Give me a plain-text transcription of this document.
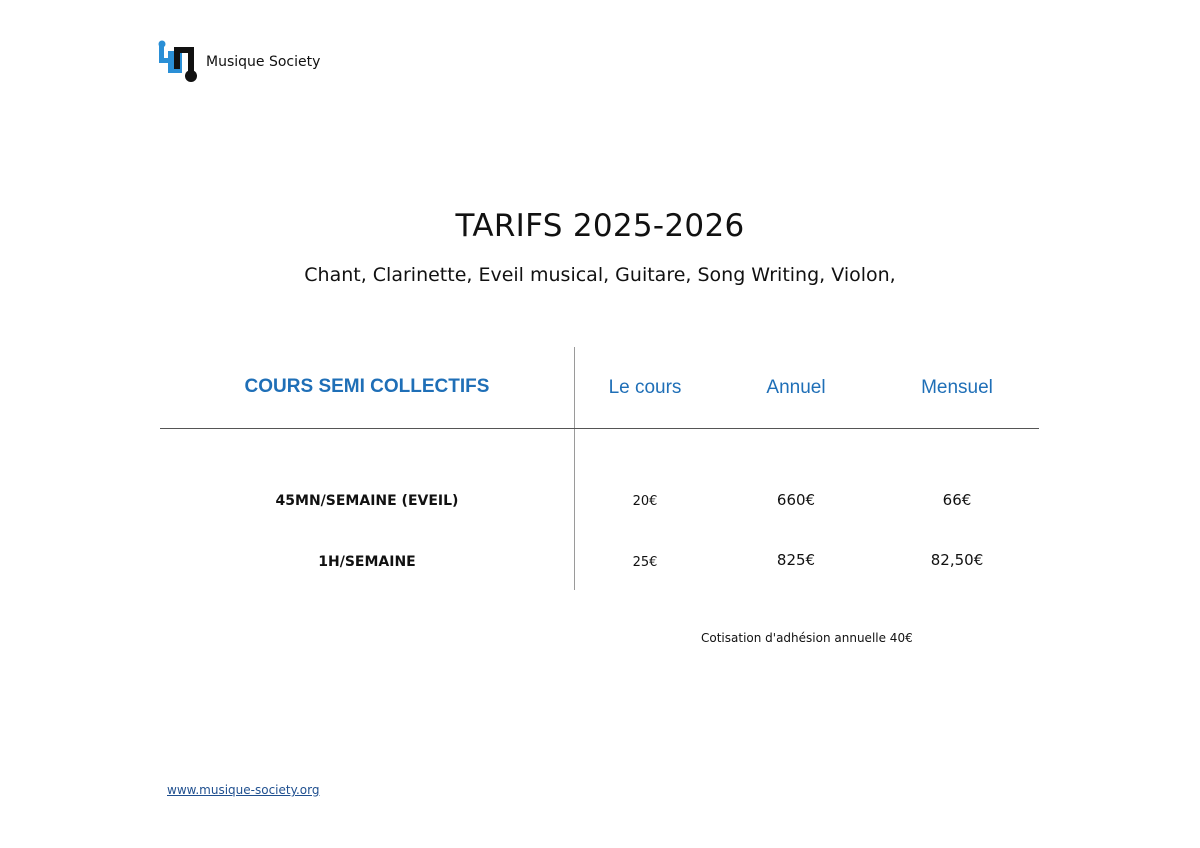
Musique Society
TARIFS 2025-2026
Chant, Clarinette, Eveil musical, Guitare, Song Writing, Violon,
COURS SEMI COLLECTIFS	Le cours	Annuel	Mensuel
45MN/SEMAINE (EVEIL)	20€	660€	66€
1H/SEMAINE	25€	825€	82,50€
Cotisation d'adhésion annuelle 40€
www.musique-society.org
